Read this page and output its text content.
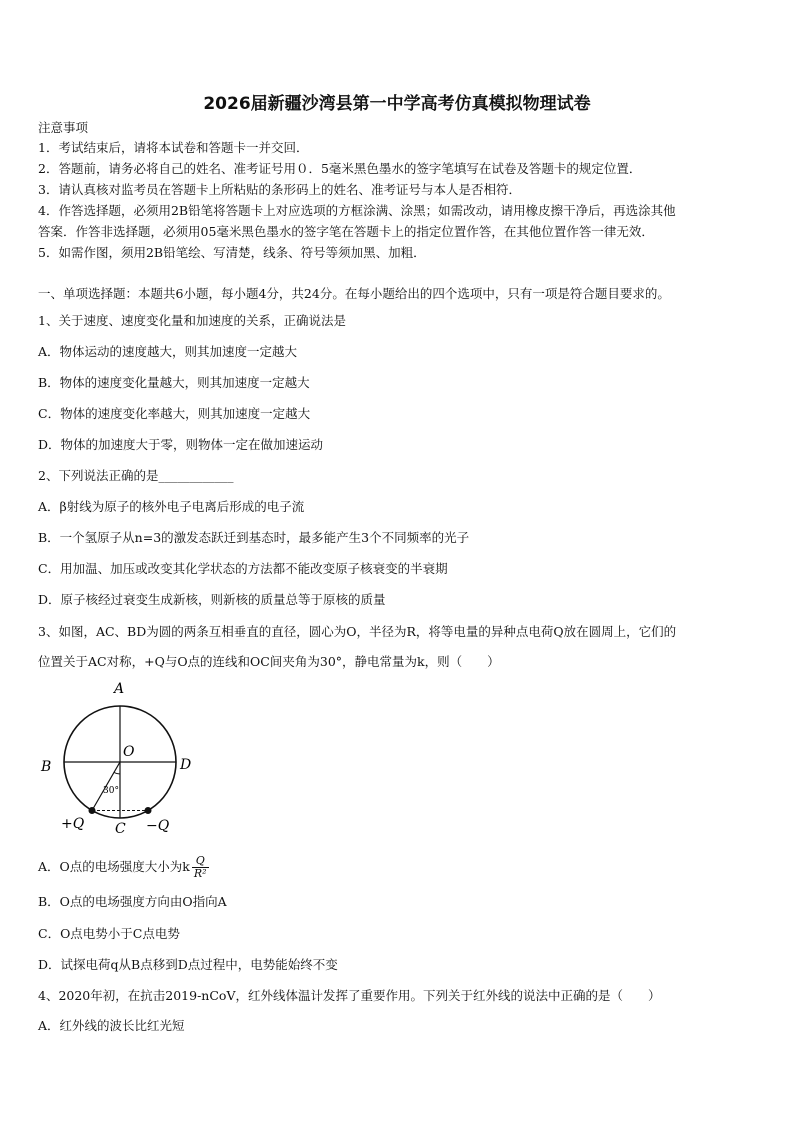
2026届新疆沙湾县第一中学高考仿真模拟物理试卷
注意事项
1．考试结束后，请将本试卷和答题卡一并交回．
2．答题前，请务必将自己的姓名、准考证号用０．5毫米黑色墨水的签字笔填写在试卷及答题卡的规定位置．
3．请认真核对监考员在答题卡上所粘贴的条形码上的姓名、准考证号与本人是否相符．
4．作答选择题，必须用2B铅笔将答题卡上对应选项的方框涂满、涂黑；如需改动，请用橡皮擦干净后，再选涂其他
答案．作答非选择题，必须用05毫米黑色墨水的签字笔在答题卡上的指定位置作答，在其他位置作答一律无效．
5．如需作图，须用2B铅笔绘、写清楚，线条、符号等须加黑、加粗．
一、单项选择题：本题共6小题，每小题4分，共24分。在每小题给出的四个选项中，只有一项是符合题目要求的。
1、关于速度、速度变化量和加速度的关系，正确说法是
A．物体运动的速度越大，则其加速度一定越大
B．物体的速度变化量越大，则其加速度一定越大
C．物体的速度变化率越大，则其加速度一定越大
D．物体的加速度大于零，则物体一定在做加速运动
2、下列说法正确的是____________
A．β射线为原子的核外电子电离后形成的电子流
B．一个氢原子从n=3的激发态跃迁到基态时，最多能产生3个不同频率的光子
C．用加温、加压或改变其化学状态的方法都不能改变原子核衰变的半衰期
D．原子核经过衰变生成新核，则新核的质量总等于原核的质量
3、如图，AC、BD为圆的两条互相垂直的直径，圆心为O，半径为R，将等电量的异种点电荷Q放在圆周上，它们的
位置关于AC对称，+Q与O点的连线和OC间夹角为30°，静电常量为k，则（　　）
A
O
B	D
30°
+Q C −Q
A．O点的电场强度大小为k $\frac{Q}{\text{R²}}$
B．O点的电场强度方向由O指向A
C．O点电势小于C点电势
D．试探电荷q从B点移到D点过程中，电势能始终不变
4、2020年初，在抗击2019-nCoV，红外线体温计发挥了重要作用。下列关于红外线的说法中正确的是（　　）
A．红外线的波长比红光短
